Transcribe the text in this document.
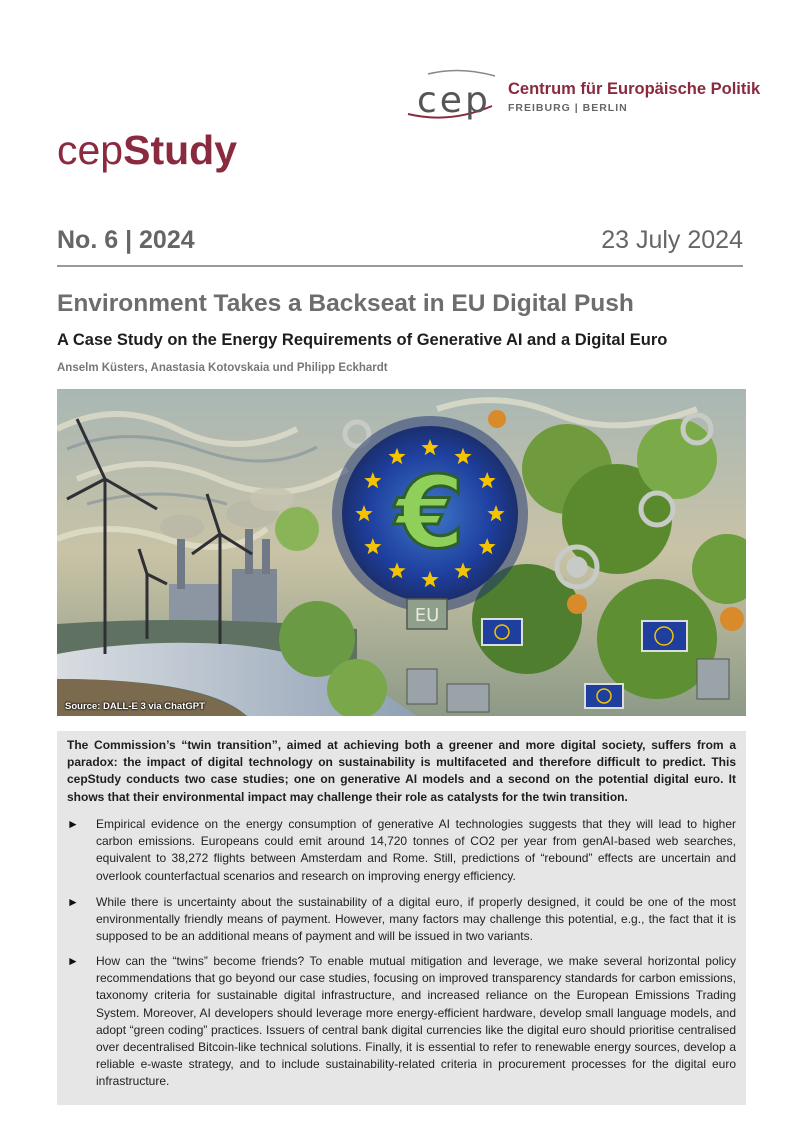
cep Centrum für Europäische Politik
FREIBURG | BERLIN
cepStudy
No. 6 | 2024	23 July 2024
Environment Takes a Backseat in EU Digital Push
A Case Study on the Energy Requirements of Generative AI and a Digital Euro
Anselm Küsters, Anastasia Kotovskaia und Philipp Eckhardt
€
EU
Source: DALL-E 3 via ChatGPT

The Commission’s “twin transition”, aimed at achieving both a greener and more digital society, suffers from a paradox: the impact of digital technology on sustainability is multifaceted and therefore difficult to predict. This cepStudy conducts two case studies; one on generative AI models and a second on the potential digital euro. It shows that their environmental impact may challenge their role as catalysts for the twin transition.

►	Empirical evidence on the energy consumption of generative AI technologies suggests that they will lead to higher carbon emissions. Europeans could emit around 14,720 tonnes of CO2 per year from genAI-based web searches, equivalent to 38,272 flights between Amsterdam and Rome. Still, predictions of “rebound” effects are uncertain and overlook counterfactual scenarios and research on improving energy efficiency.

►	While there is uncertainty about the sustainability of a digital euro, if properly designed, it could be one of the most environmentally friendly means of payment. However, many factors may challenge this potential, e.g., the fact that it is supposed to be an additional means of payment and will be issued in two variants.

►	How can the “twins” become friends? To enable mutual mitigation and leverage, we make several horizontal policy recommendations that go beyond our case studies, focusing on improved transparency standards for carbon emissions, taxonomy criteria for sustainable digital infrastructure, and increased reliance on the European Emissions Trading System. Moreover, AI developers should leverage more energy-efficient hardware, develop small language models, and adopt “green coding” practices. Issuers of central bank digital currencies like the digital euro should prioritise centralised over decentralised Bitcoin-like technical solutions. Finally, it is essential to refer to renewable energy sources, develop a reliable e-waste strategy, and to include sustainability-related criteria in procurement processes for the digital euro infrastructure.
